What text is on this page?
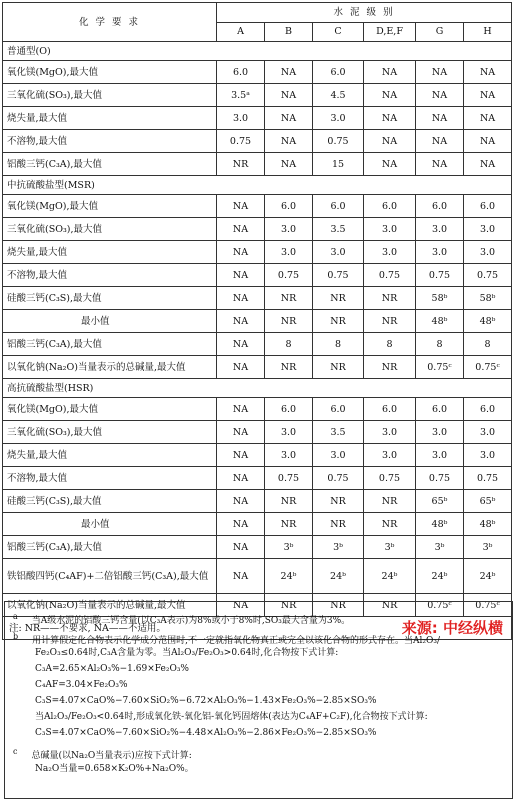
化 学 要 求	水 泥 级 别					
	A	B	C	D,E,F	G	H
普通型(O)						
氧化镁(MgO),最大值	6.0	NA	6.0	NA	NA	NA
三氧化硫(SO₃),最大值	3.5ᵃ	NA	4.5	NA	NA	NA
烧失量,最大值	3.0	NA	3.0	NA	NA	NA
不溶物,最大值	0.75	NA	0.75	NA	NA	NA
铝酸三钙(C₃A),最大值	NR	NA	15	NA	NA	NA
中抗硫酸盐型(MSR)						
氧化镁(MgO),最大值	NA	6.0	6.0	6.0	6.0	6.0
三氧化硫(SO₃),最大值	NA	3.0	3.5	3.0	3.0	3.0
烧失量,最大值	NA	3.0	3.0	3.0	3.0	3.0
不溶物,最大值	NA	0.75	0.75	0.75	0.75	0.75
硅酸三钙(C₃S),最大值	NA	NR	NR	NR	58ᵇ	58ᵇ
最小值	NA	NR	NR	NR	48ᵇ	48ᵇ
铝酸三钙(C₃A),最大值	NA	8	8	8	8	8
以氧化钠(Na₂O)当量表示的总碱量,最大值	NA	NR	NR	NR	0.75ᶜ	0.75ᶜ
高抗硫酸盐型(HSR)						
氧化镁(MgO),最大值	NA	6.0	6.0	6.0	6.0	6.0
三氧化硫(SO₃),最大值	NA	3.0	3.5	3.0	3.0	3.0
烧失量,最大值	NA	3.0	3.0	3.0	3.0	3.0
不溶物,最大值	NA	0.75	0.75	0.75	0.75	0.75
硅酸三钙(C₃S),最大值	NA	NR	NR	NR	65ᵇ	65ᵇ
最小值	NA	NR	NR	NR	48ᵇ	48ᵇ
铝酸三钙(C₃A),最大值	NA	3ᵇ	3ᵇ	3ᵇ	3ᵇ	3ᵇ
铁铝酸四钙(C₄AF)+二倍铝酸三钙(C₃A),最大值	NA	24ᵇ	24ᵇ	24ᵇ	24ᵇ	24ᵇ
以氧化钠(Na₂O)当量表示的总碱量,最大值	NA	NR	NR	NR	0.75ᶜ	0.75ᶜ
注: NR——不要求, NA——不适用。						
a 当A级水泥的铝酸三钙含量(以C₃A表示)为8%或小于8%时,SO₃最大含量为3%。
b 用计算假定化合物表示化学成分范围时,不一定就指氧化物真正或完全以该化合物的形式存在。当Al₂O₃/
Fe₂O₃≤0.64时,C₃A含量为零。当Al₂O₃/Fe₂O₃>0.64时,化合物按下式计算:
C₃A=2.65×Al₂O₃%−1.69×Fe₂O₃%
C₄AF=3.04×Fe₂O₃%
C₃S=4.07×CaO%−7.60×SiO₂%−6.72×Al₂O₃%−1.43×Fe₂O₃%−2.85×SO₃%
当Al₂O₃/Fe₂O₃<0.64时,形成氧化铁-氧化铝-氧化钙固熔体(表达为C₄AF+C₂F),化合物按下式计算:
C₃S=4.07×CaO%−7.60×SiO₂%−4.48×Al₂O₃%−2.86×Fe₂O₃%−2.85×SO₃%
c 总碱量(以Na₂O当量表示)应按下式计算:
Na₂O当量=0.658×K₂O%+Na₂O%。
来源: 中经纵横
